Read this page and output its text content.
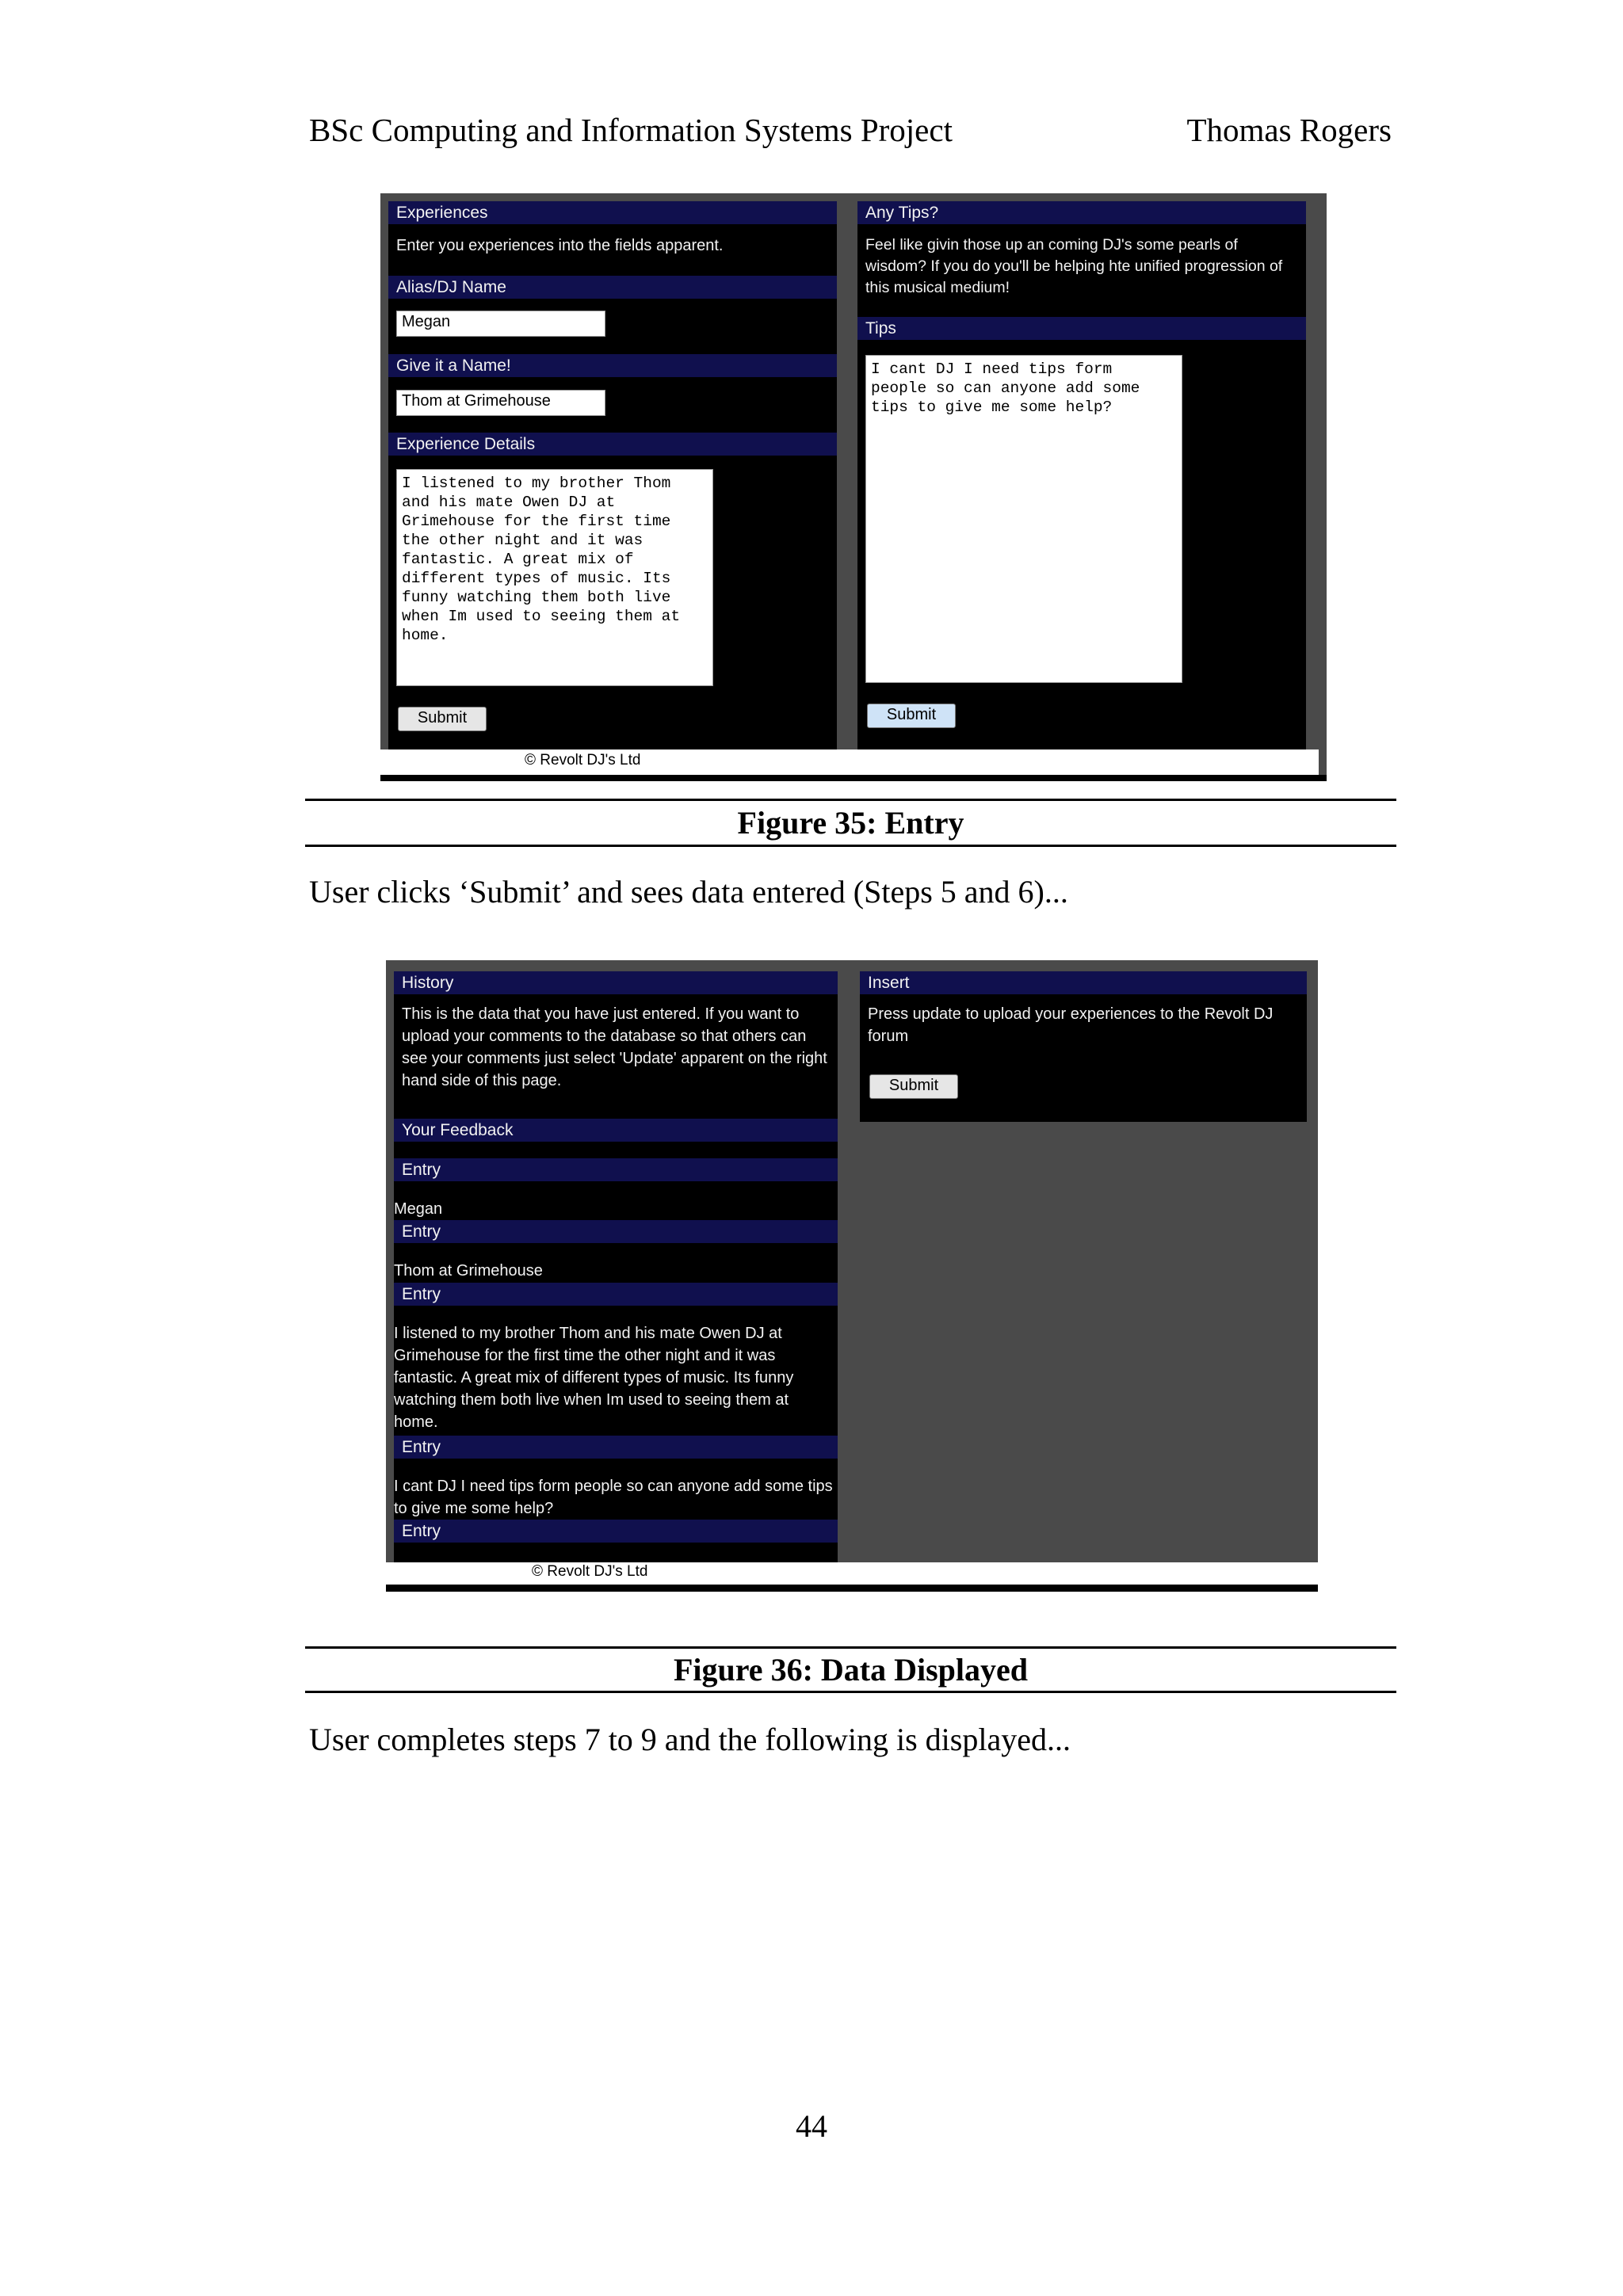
BSc Computing and Information Systems Project	Thomas Rogers
Experiences
Enter you experiences into the fields apparent.
Alias/DJ Name
Megan
Give it a Name!
Thom at Grimehouse
Experience Details
I listened to my brother Thom and his mate Owen DJ at Grimehouse for the first time the other night and it was fantastic. A great mix of different types of music. Its funny watching them both live when Im used to seeing them at home.
Submit
Any Tips?
Feel like givin those up an coming DJ's some pearls of wisdom? If you do you'll be helping hte unified progression of this musical medium!
Tips
I cant DJ I need tips form people so can anyone add some tips to give me some help?
Submit
© Revolt DJ's Ltd
Figure 35: Entry
User clicks ‘Submit’ and sees data entered (Steps 5 and 6)...
History
This is the data that you have just entered. If you want to upload your comments to the database so that others can see your comments just select 'Update' apparent on the right hand side of this page.
Your Feedback
Entry
Megan
Entry
Thom at Grimehouse
Entry
I listened to my brother Thom and his mate Owen DJ at Grimehouse for the first time the other night and it was fantastic. A great mix of different types of music. Its funny watching them both live when Im used to seeing them at home.
Entry
I cant DJ I need tips form people so can anyone add some tips to give me some help?
Entry
Insert
Press update to upload your experiences to the Revolt DJ forum
Submit
© Revolt DJ's Ltd
Figure 36: Data Displayed
User completes steps 7 to 9 and the following is displayed...
44
